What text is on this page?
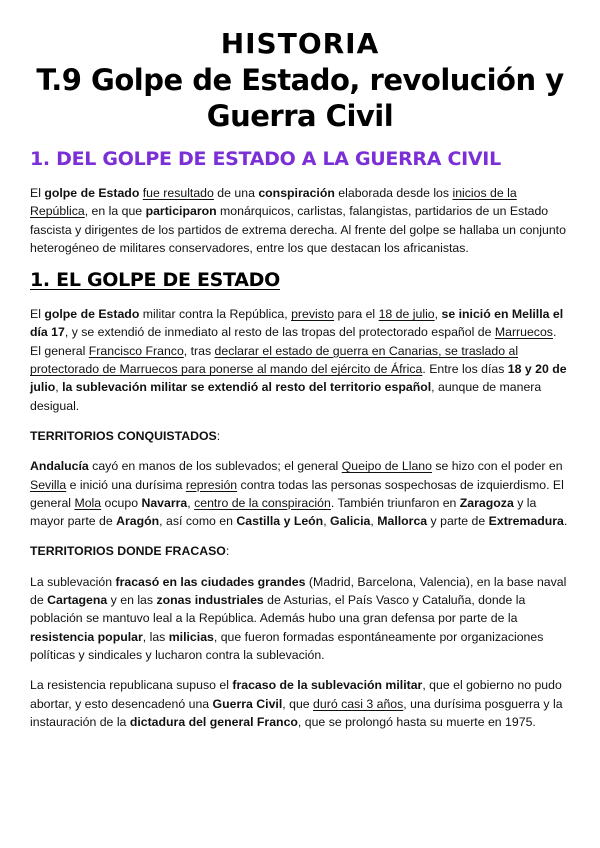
HISTORIA
T.9 Golpe de Estado, revolución y
Guerra Civil
1. DEL GOLPE DE ESTADO A LA GUERRA CIVIL

El golpe de Estado fue resultado de una conspiración elaborada desde los inicios de la República, en la que participaron monárquicos, carlistas, falangistas, partidarios de un Estado fascista y dirigentes de los partidos de extrema derecha. Al frente del golpe se hallaba un conjunto heterogéneo de militares conservadores, entre los que destacan los africanistas.

1. EL GOLPE DE ESTADO

El golpe de Estado militar contra la República, previsto para el 18 de julio, se inició en Melilla el día 17, y se extendió de inmediato al resto de las tropas del protectorado español de Marruecos. El general Francisco Franco, tras declarar el estado de guerra en Canarias, se traslado al protectorado de Marruecos para ponerse al mando del ejército de África. Entre los días 18 y 20 de julio, la sublevación militar se extendió al resto del territorio español, aunque de manera desigual.

TERRITORIOS CONQUISTADOS:

Andalucía cayó en manos de los sublevados; el general Queipo de Llano se hizo con el poder en Sevilla e inició una durísima represión contra todas las personas sospechosas de izquierdismo. El general Mola ocupo Navarra, centro de la conspiración. También triunfaron en Zaragoza y la mayor parte de Aragón, así como en Castilla y León, Galicia, Mallorca y parte de Extremadura.

TERRITORIOS DONDE FRACASO:

La sublevación fracasó en las ciudades grandes (Madrid, Barcelona, Valencia), en la base naval de Cartagena y en las zonas industriales de Asturias, el País Vasco y Cataluña, donde la población se mantuvo leal a la República. Además hubo una gran defensa por parte de la resistencia popular, las milicias, que fueron formadas espontáneamente por organizaciones políticas y sindicales y lucharon contra la sublevación.

La resistencia republicana supuso el fracaso de la sublevación militar, que el gobierno no pudo abortar, y esto desencadenó una Guerra Civil, que duró casi 3 años, una durísima posguerra y la instauración de la dictadura del general Franco, que se prolongó hasta su muerte en 1975.
